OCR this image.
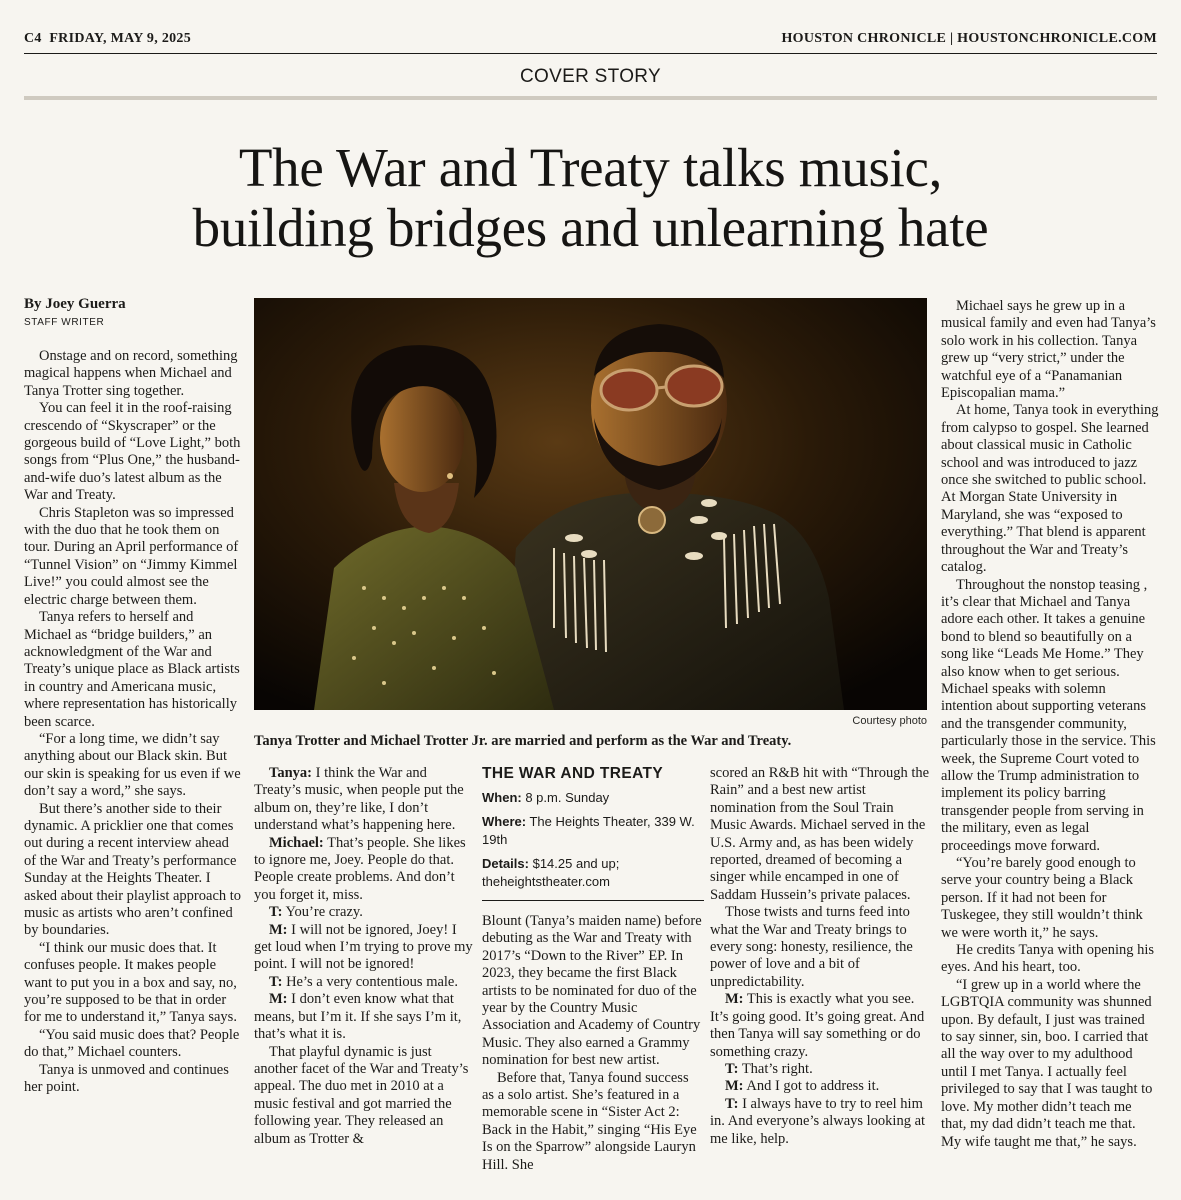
C4 FRIDAY, MAY 9, 2025	HOUSTON CHRONICLE | HOUSTONCHRONICLE.COM
COVER STORY
The War and Treaty talks music,
building bridges and unlearning hate
By Joey Guerra
STAFF WRITER

Onstage and on record, something magical happens when Michael and Tanya Trotter sing together.

You can feel it in the roof-raising crescendo of “Skyscraper” or the gorgeous build of “Love Light,” both songs from “Plus One,” the husband-and-wife duo’s latest album as the War and Treaty.

Chris Stapleton was so impressed with the duo that he took them on tour. During an April performance of “Tunnel Vision” on “Jimmy Kimmel Live!” you could almost see the electric charge between them.

Tanya refers to herself and Michael as “bridge builders,” an acknowledgment of the War and Treaty’s unique place as Black artists in country and Americana music, where representation has historically been scarce.

“For a long time, we didn’t say anything about our Black skin. But our skin is speaking for us even if we don’t say a word,” she says.

But there’s another side to their dynamic. A pricklier one that comes out during a recent interview ahead of the War and Treaty’s performance Sunday at the Heights Theater. I asked about their playlist approach to music as artists who aren’t confined by boundaries.

“I think our music does that. It confuses people. It makes people want to put you in a box and say, no, you’re supposed to be that in order for me to understand it,” Tanya says.

“You said music does that? People do that,” Michael counters.

Tanya is unmoved and continues her point.

Courtesy photo
Tanya Trotter and Michael Trotter Jr. are married and perform as the War and Treaty.

Tanya: I think the War and Treaty’s music, when people put the album on, they’re like, I don’t understand what’s happening here.

Michael: That’s people. She likes to ignore me, Joey. People do that. People create problems. And don’t you forget it, miss.

T: You’re crazy.

M: I will not be ignored, Joey! I get loud when I’m trying to prove my point. I will not be ignored!

T: He’s a very contentious male.

M: I don’t even know what that means, but I’m it. If she says I’m it, that’s what it is.

That playful dynamic is just another facet of the War and Treaty’s appeal. The duo met in 2010 at a music festival and got married the following year. They released an album as Trotter &

THE WAR AND TREATY
When: 8 p.m. Sunday
Where: The Heights Theater, 339 W. 19th
Details: $14.25 and up; theheightstheater.com

Blount (Tanya’s maiden name) before debuting as the War and Treaty with 2017’s “Down to the River” EP. In 2023, they became the first Black artists to be nominated for duo of the year by the Country Music Association and Academy of Country Music. They also earned a Grammy nomination for best new artist.

Before that, Tanya found success as a solo artist. She’s featured in a memorable scene in “Sister Act 2: Back in the Habit,” singing “His Eye Is on the Sparrow” alongside Lauryn Hill. She

scored an R&B hit with “Through the Rain” and a best new artist nomination from the Soul Train Music Awards. Michael served in the U.S. Army and, as has been widely reported, dreamed of becoming a singer while encamped in one of Saddam Hussein’s private palaces.

Those twists and turns feed into what the War and Treaty brings to every song: honesty, resilience, the power of love and a bit of unpredictability.

M: This is exactly what you see. It’s going good. It’s going great. And then Tanya will say something or do something crazy.

T: That’s right.

M: And I got to address it.

T: I always have to try to reel him in. And everyone’s always looking at me like, help.

Michael says he grew up in a musical family and even had Tanya’s solo work in his collection. Tanya grew up “very strict,” under the watchful eye of a “Panamanian Episcopalian mama.”

At home, Tanya took in everything from calypso to gospel. She learned about classical music in Catholic school and was introduced to jazz once she switched to public school. At Morgan State University in Maryland, she was “exposed to everything.” That blend is apparent throughout the War and Treaty’s catalog.

Throughout the nonstop teasing , it’s clear that Michael and Tanya adore each other. It takes a genuine bond to blend so beautifully on a song like “Leads Me Home.” They also know when to get serious. Michael speaks with solemn intention about supporting veterans and the transgender community, particularly those in the service. This week, the Supreme Court voted to allow the Trump administration to implement its policy barring transgender people from serving in the military, even as legal proceedings move forward.

“You’re barely good enough to serve your country being a Black person. If it had not been for Tuskegee, they still wouldn’t think we were worth it,” he says.

He credits Tanya with opening his eyes. And his heart, too.

“I grew up in a world where the LGBTQIA community was shunned upon. By default, I just was trained to say sinner, sin, boo. I carried that all the way over to my adulthood until I met Tanya. I actually feel privileged to say that I was taught to love. My mother didn’t teach me that, my dad didn’t teach me that. My wife taught me that,” he says.
